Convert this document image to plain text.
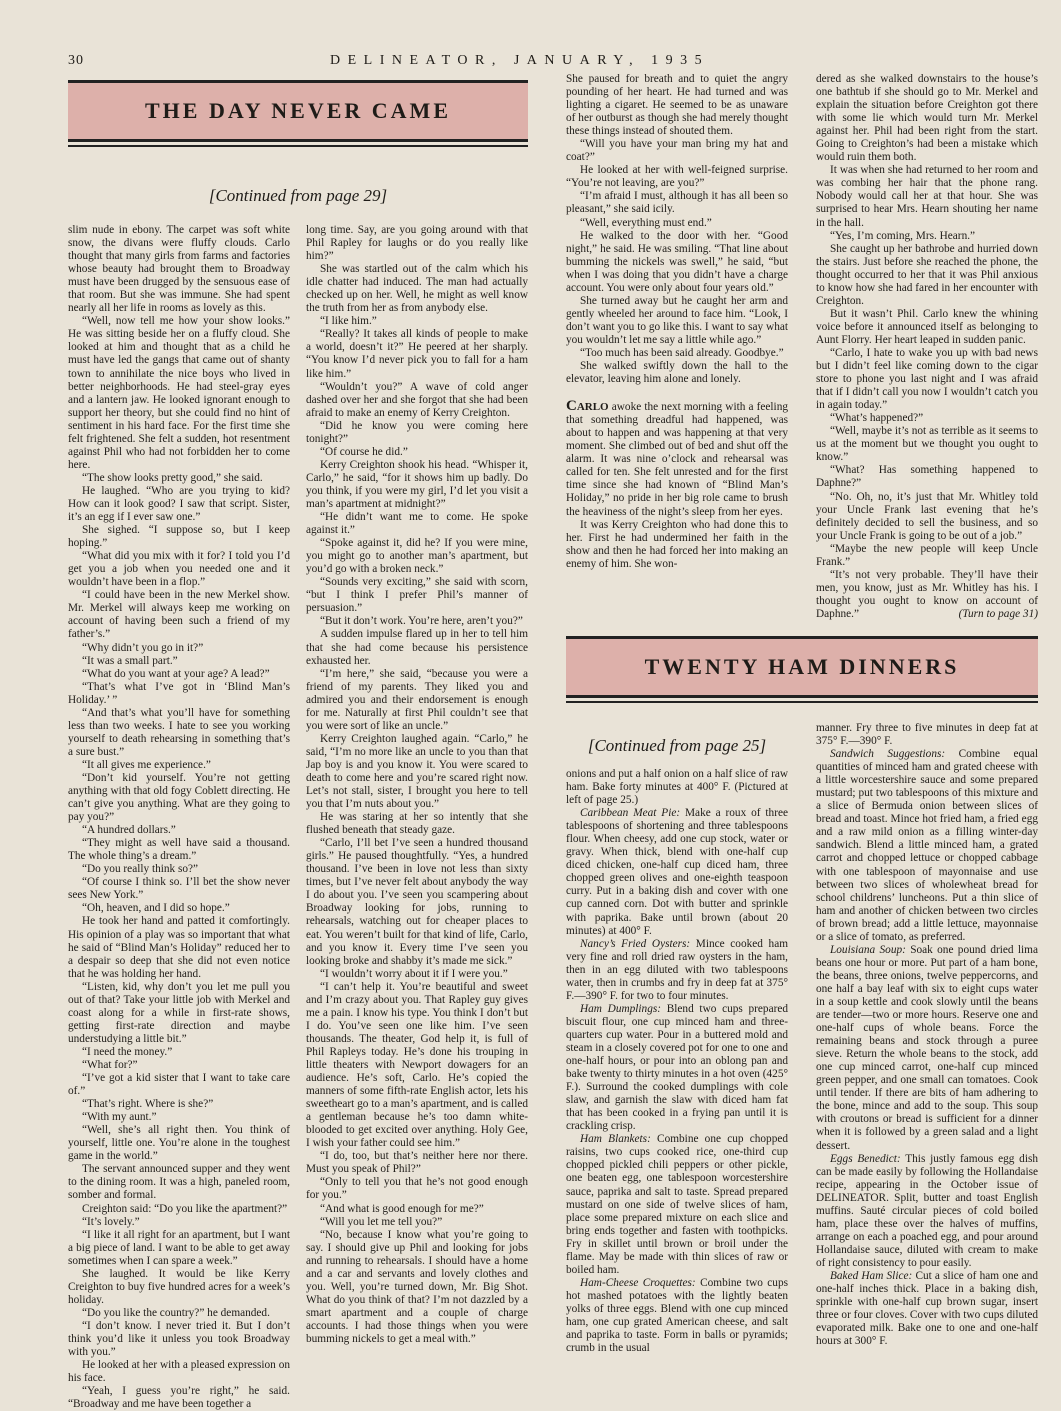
30	DELINEATOR, JANUARY, 1935
THE DAY NEVER CAME
[Continued from page 29]

slim nude in ebony. The carpet was soft white snow, the divans were fluffy clouds. Carlo thought that many girls from farms and factories whose beauty had brought them to Broadway must have been drugged by the sensuous ease of that room. But she was immune. She had spent nearly all her life in rooms as lovely as this.

“Well, now tell me how your show looks.” He was sitting beside her on a fluffy cloud. She looked at him and thought that as a child he must have led the gangs that came out of shanty town to annihilate the nice boys who lived in better neighborhoods. He had steel-gray eyes and a lantern jaw. He looked ignorant enough to support her theory, but she could find no hint of sentiment in his hard face. For the first time she felt frightened. She felt a sudden, hot resentment against Phil who had not forbidden her to come here.

“The show looks pretty good,” she said.

He laughed. “Who are you trying to kid? How can it look good? I saw that script. Sister, it’s an egg if I ever saw one.”

She sighed. “I suppose so, but I keep hoping.”

“What did you mix with it for? I told you I’d get you a job when you needed one and it wouldn’t have been in a flop.”

“I could have been in the new Merkel show. Mr. Merkel will always keep me working on account of having been such a friend of my father’s.”

“Why didn’t you go in it?”

“It was a small part.”

“What do you want at your age? A lead?”

“That’s what I’ve got in ‘Blind Man’s Holiday.’ ”

“And that’s what you’ll have for something less than two weeks. I hate to see you working yourself to death rehearsing in something that’s a sure bust.”

“It all gives me experience.”

“Don’t kid yourself. You’re not getting anything with that old fogy Coblett directing. He can’t give you anything. What are they going to pay you?”

“A hundred dollars.”

“They might as well have said a thousand. The whole thing’s a dream.”

“Do you really think so?”

“Of course I think so. I’ll bet the show never sees New York.”

“Oh, heaven, and I did so hope.”

He took her hand and patted it comfortingly. His opinion of a play was so important that what he said of “Blind Man’s Holiday” reduced her to a despair so deep that she did not even notice that he was holding her hand.

“Listen, kid, why don’t you let me pull you out of that? Take your little job with Merkel and coast along for a while in first-rate shows, getting first-rate direction and maybe understudying a little bit.”

“I need the money.”

“What for?”

“I’ve got a kid sister that I want to take care of.”

“That’s right. Where is she?”

“With my aunt.”

“Well, she’s all right then. You think of yourself, little one. You’re alone in the toughest game in the world.”

The servant announced supper and they went to the dining room. It was a high, paneled room, somber and formal.

Creighton said: “Do you like the apartment?”

“It’s lovely.”

“I like it all right for an apartment, but I want a big piece of land. I want to be able to get away sometimes when I can spare a week.”

She laughed. It would be like Kerry Creighton to buy five hundred acres for a week’s holiday.

“Do you like the country?” he demanded.

“I don’t know. I never tried it. But I don’t think you’d like it unless you took Broadway with you.”

He looked at her with a pleased expression on his face.

“Yeah, I guess you’re right,” he said. “Broadway and me have been together a

long time. Say, are you going around with that Phil Rapley for laughs or do you really like him?”

She was startled out of the calm which his idle chatter had induced. The man had actually checked up on her. Well, he might as well know the truth from her as from anybody else.

“I like him.”

“Really? It takes all kinds of people to make a world, doesn’t it?” He peered at her sharply. “You know I’d never pick you to fall for a ham like him.”

“Wouldn’t you?” A wave of cold anger dashed over her and she forgot that she had been afraid to make an enemy of Kerry Creighton.

“Did he know you were coming here tonight?”

“Of course he did.”

Kerry Creighton shook his head. “Whisper it, Carlo,” he said, “for it shows him up badly. Do you think, if you were my girl, I’d let you visit a man’s apartment at midnight?”

“He didn’t want me to come. He spoke against it.”

“Spoke against it, did he? If you were mine, you might go to another man’s apartment, but you’d go with a broken neck.”

“Sounds very exciting,” she said with scorn, “but I think I prefer Phil’s manner of persuasion.”

“But it don’t work. You’re here, aren’t you?”

A sudden impulse flared up in her to tell him that she had come because his persistence exhausted her.

“I’m here,” she said, “because you were a friend of my parents. They liked you and admired you and their endorsement is enough for me. Naturally at first Phil couldn’t see that you were sort of like an uncle.”

Kerry Creighton laughed again. “Carlo,” he said, “I’m no more like an uncle to you than that Jap boy is and you know it. You were scared to death to come here and you’re scared right now. Let’s not stall, sister, I brought you here to tell you that I’m nuts about you.”

He was staring at her so intently that she flushed beneath that steady gaze.

“Carlo, I’ll bet I’ve seen a hundred thousand girls.” He paused thoughtfully. “Yes, a hundred thousand. I’ve been in love not less than sixty times, but I’ve never felt about anybody the way I do about you. I’ve seen you scampering about Broadway looking for jobs, running to rehearsals, watching out for cheaper places to eat. You weren’t built for that kind of life, Carlo, and you know it. Every time I’ve seen you looking broke and shabby it’s made me sick.”

“I wouldn’t worry about it if I were you.”

“I can’t help it. You’re beautiful and sweet and I’m crazy about you. That Rapley guy gives me a pain. I know his type. You think I don’t but I do. You’ve seen one like him. I’ve seen thousands. The theater, God help it, is full of Phil Rapleys today. He’s done his trouping in little theaters with Newport dowagers for an audience. He’s soft, Carlo. He’s copied the manners of some fifth-rate English actor, lets his sweetheart go to a man’s apartment, and is called a gentleman because he’s too damn white-blooded to get excited over anything. Holy Gee, I wish your father could see him.”

“I do, too, but that’s neither here nor there. Must you speak of Phil?”

“Only to tell you that he’s not good enough for you.”

“And what is good enough for me?”

“Will you let me tell you?”

“No, because I know what you’re going to say. I should give up Phil and looking for jobs and running to rehearsals. I should have a home and a car and servants and lovely clothes and you. Well, you’re turned down, Mr. Big Shot. What do you think of that? I’m not dazzled by a smart apartment and a couple of charge accounts. I had those things when you were bumming nickels to get a meal with.”

She paused for breath and to quiet the angry pounding of her heart. He had turned and was lighting a cigaret. He seemed to be as unaware of her outburst as though she had merely thought these things instead of shouted them.

“Will you have your man bring my hat and coat?”

He looked at her with well-feigned surprise. “You’re not leaving, are you?”

“I’m afraid I must, although it has all been so pleasant,” she said icily.

“Well, everything must end.”

He walked to the door with her. “Good night,” he said. He was smiling. “That line about bumming the nickels was swell,” he said, “but when I was doing that you didn’t have a charge account. You were only about four years old.”

She turned away but he caught her arm and gently wheeled her around to face him. “Look, I don’t want you to go like this. I want to say what you wouldn’t let me say a little while ago.”

“Too much has been said already. Goodbye.”

She walked swiftly down the hall to the elevator, leaving him alone and lonely.

Carlo awoke the next morning with a feeling that something dreadful had happened, was about to happen and was happening at that very moment. She climbed out of bed and shut off the alarm. It was nine o’clock and rehearsal was called for ten. She felt unrested and for the first time since she had known of “Blind Man’s Holiday,” no pride in her big role came to brush the heaviness of the night’s sleep from her eyes.

It was Kerry Creighton who had done this to her. First he had undermined her faith in the show and then he had forced her into making an enemy of him. She won-

dered as she walked downstairs to the house’s one bathtub if she should go to Mr. Merkel and explain the situation before Creighton got there with some lie which would turn Mr. Merkel against her. Phil had been right from the start. Going to Creighton’s had been a mistake which would ruin them both.

It was when she had returned to her room and was combing her hair that the phone rang. Nobody would call her at that hour. She was surprised to hear Mrs. Hearn shouting her name in the hall.

“Yes, I’m coming, Mrs. Hearn.”

She caught up her bathrobe and hurried down the stairs. Just before she reached the phone, the thought occurred to her that it was Phil anxious to know how she had fared in her encounter with Creighton.

But it wasn’t Phil. Carlo knew the whining voice before it announced itself as belonging to Aunt Florry. Her heart leaped in sudden panic.

“Carlo, I hate to wake you up with bad news but I didn’t feel like coming down to the cigar store to phone you last night and I was afraid that if I didn’t call you now I wouldn’t catch you in again today.”

“What’s happened?”

“Well, maybe it’s not as terrible as it seems to us at the moment but we thought you ought to know.”

“What? Has something happened to Daphne?”

“No. Oh, no, it’s just that Mr. Whitley told your Uncle Frank last evening that he’s definitely decided to sell the business, and so your Uncle Frank is going to be out of a job.”

“Maybe the new people will keep Uncle Frank.”

“It’s not very probable. They’ll have their men, you know, just as Mr. Whitley has his. I thought you ought to know on account of Daphne.”	(Turn to page 31)

TWENTY HAM DINNERS
[Continued from page 25]

onions and put a half onion on a half slice of raw ham. Bake forty minutes at 400° F. (Pictured at left of page 25.)

Caribbean Meat Pie: Make a roux of three tablespoons of shortening and three tablespoons flour. When cheesy, add one cup stock, water or gravy. When thick, blend with one-half cup diced chicken, one-half cup diced ham, three chopped green olives and one-eighth teaspoon curry. Put in a baking dish and cover with one cup canned corn. Dot with butter and sprinkle with paprika. Bake until brown (about 20 minutes) at 400° F.

Nancy’s Fried Oysters: Mince cooked ham very fine and roll dried raw oysters in the ham, then in an egg diluted with two tablespoons water, then in crumbs and fry in deep fat at 375° F.—390° F. for two to four minutes.

Ham Dumplings: Blend two cups prepared biscuit flour, one cup minced ham and three-quarters cup water. Pour in a buttered mold and steam in a closely covered pot for one to one and one-half hours, or pour into an oblong pan and bake twenty to thirty minutes in a hot oven (425° F.). Surround the cooked dumplings with cole slaw, and garnish the slaw with diced ham fat that has been cooked in a frying pan until it is crackling crisp.

Ham Blankets: Combine one cup chopped raisins, two cups cooked rice, one-third cup chopped pickled chili peppers or other pickle, one beaten egg, one tablespoon worcestershire sauce, paprika and salt to taste. Spread prepared mustard on one side of twelve slices of ham, place some prepared mixture on each slice and bring ends together and fasten with toothpicks. Fry in skillet until brown or broil under the flame. May be made with thin slices of raw or boiled ham.

Ham-Cheese Croquettes: Combine two cups hot mashed potatoes with the lightly beaten yolks of three eggs. Blend with one cup minced ham, one cup grated American cheese, and salt and paprika to taste. Form in balls or pyramids; crumb in the usual

manner. Fry three to five minutes in deep fat at 375° F.—390° F.

Sandwich Suggestions: Combine equal quantities of minced ham and grated cheese with a little worcestershire sauce and some prepared mustard; put two tablespoons of this mixture and a slice of Bermuda onion between slices of bread and toast. Mince hot fried ham, a fried egg and a raw mild onion as a filling winter-day sandwich. Blend a little minced ham, a grated carrot and chopped lettuce or chopped cabbage with one tablespoon of mayonnaise and use between two slices of wholewheat bread for school childrens’ luncheons. Put a thin slice of ham and another of chicken between two circles of brown bread; add a little lettuce, mayonnaise or a slice of tomato, as preferred.

Louisiana Soup: Soak one pound dried lima beans one hour or more. Put part of a ham bone, the beans, three onions, twelve peppercorns, and one half a bay leaf with six to eight cups water in a soup kettle and cook slowly until the beans are tender—two or more hours. Reserve one and one-half cups of whole beans. Force the remaining beans and stock through a puree sieve. Return the whole beans to the stock, add one cup minced carrot, one-half cup minced green pepper, and one small can tomatoes. Cook until tender. If there are bits of ham adhering to the bone, mince and add to the soup. This soup with croutons or bread is sufficient for a dinner when it is followed by a green salad and a light dessert.

Eggs Benedict: This justly famous egg dish can be made easily by following the Hollandaise recipe, appearing in the October issue of DELINEATOR. Split, butter and toast English muffins. Sauté circular pieces of cold boiled ham, place these over the halves of muffins, arrange on each a poached egg, and pour around Hollandaise sauce, diluted with cream to make of right consistency to pour easily.

Baked Ham Slice: Cut a slice of ham one and one-half inches thick. Place in a baking dish, sprinkle with one-half cup brown sugar, insert three or four cloves. Cover with two cups diluted evaporated milk. Bake one to one and one-half hours at 300° F.
